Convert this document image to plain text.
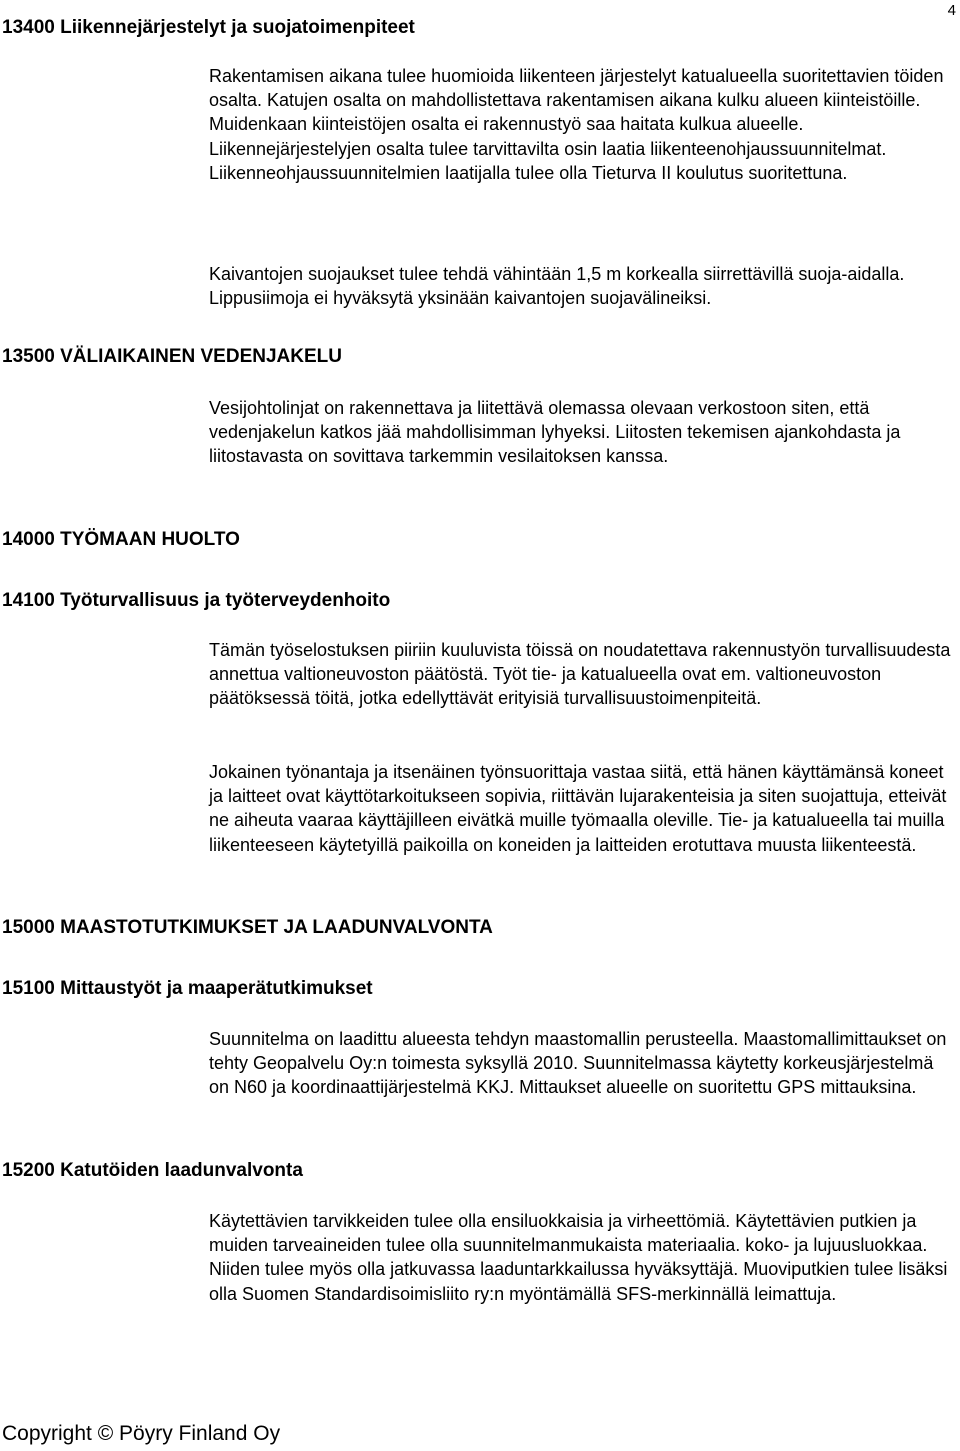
4
13400 Liikennejärjestelyt ja suojatoimenpiteet

Rakentamisen aikana tulee huomioida liikenteen järjestelyt katualueella suoritettavien töiden osalta. Katujen osalta on mahdollistettava rakentamisen aikana kulku alueen kiinteistöille. Muidenkaan kiinteistöjen osalta ei rakennustyö saa haitata kulkua alueelle. Liikennejärjestelyjen osalta tulee tarvittavilta osin laatia liikenteenohjaussuunnitelmat. Liikenneohjaussuunnitelmien laatijalla tulee olla Tieturva II koulutus suoritettuna.

Kaivantojen suojaukset tulee tehdä vähintään 1,5 m korkealla siirrettävillä suoja-aidalla. Lippusiimoja ei hyväksytä yksinään kaivantojen suojavälineiksi.

13500 VÄLIAIKAINEN VEDENJAKELU

Vesijohtolinjat on rakennettava ja liitettävä olemassa olevaan verkostoon siten, että vedenjakelun katkos jää mahdollisimman lyhyeksi. Liitosten tekemisen ajankohdasta ja liitostavasta on sovittava tarkemmin vesilaitoksen kanssa.

14000 TYÖMAAN HUOLTO
14100 Työturvallisuus ja työterveydenhoito

Tämän työselostuksen piiriin kuuluvista töissä on noudatettava rakennustyön turvallisuudesta annettua valtioneuvoston päätöstä. Työt tie- ja katualueella ovat em. valtioneuvoston päätöksessä töitä, jotka edellyttävät erityisiä turvallisuustoimenpiteitä.

Jokainen työnantaja ja itsenäinen työnsuorittaja vastaa siitä, että hänen käyttämänsä koneet ja laitteet ovat käyttötarkoitukseen sopivia, riittävän lujarakenteisia ja siten suojattuja, etteivät ne aiheuta vaaraa käyttäjilleen eivätkä muille työmaalla oleville. Tie- ja katualueella tai muilla liikenteeseen käytetyillä paikoilla on koneiden ja laitteiden erotuttava muusta liikenteestä.

15000 MAASTOTUTKIMUKSET JA LAADUNVALVONTA
15100 Mittaustyöt ja maaperätutkimukset

Suunnitelma on laadittu alueesta tehdyn maastomallin perusteella. Maastomallimittaukset on tehty Geopalvelu Oy:n toimesta syksyllä 2010. Suunnitelmassa käytetty korkeusjärjestelmä on N60 ja koordinaattijärjestelmä KKJ. Mittaukset alueelle on suoritettu GPS mittauksina.

15200 Katutöiden laadunvalvonta

Käytettävien tarvikkeiden tulee olla ensiluokkaisia ja virheettömiä. Käytettävien putkien ja muiden tarveaineiden tulee olla suunnitelmanmukaista materiaalia. koko- ja lujuusluokkaa. Niiden tulee myös olla jatkuvassa laaduntarkkailussa hyväksyttäjä. Muoviputkien tulee lisäksi olla Suomen Standardisoimisliito ry:n myöntämällä SFS-merkinnällä leimattuja.

Copyright © Pöyry Finland Oy
